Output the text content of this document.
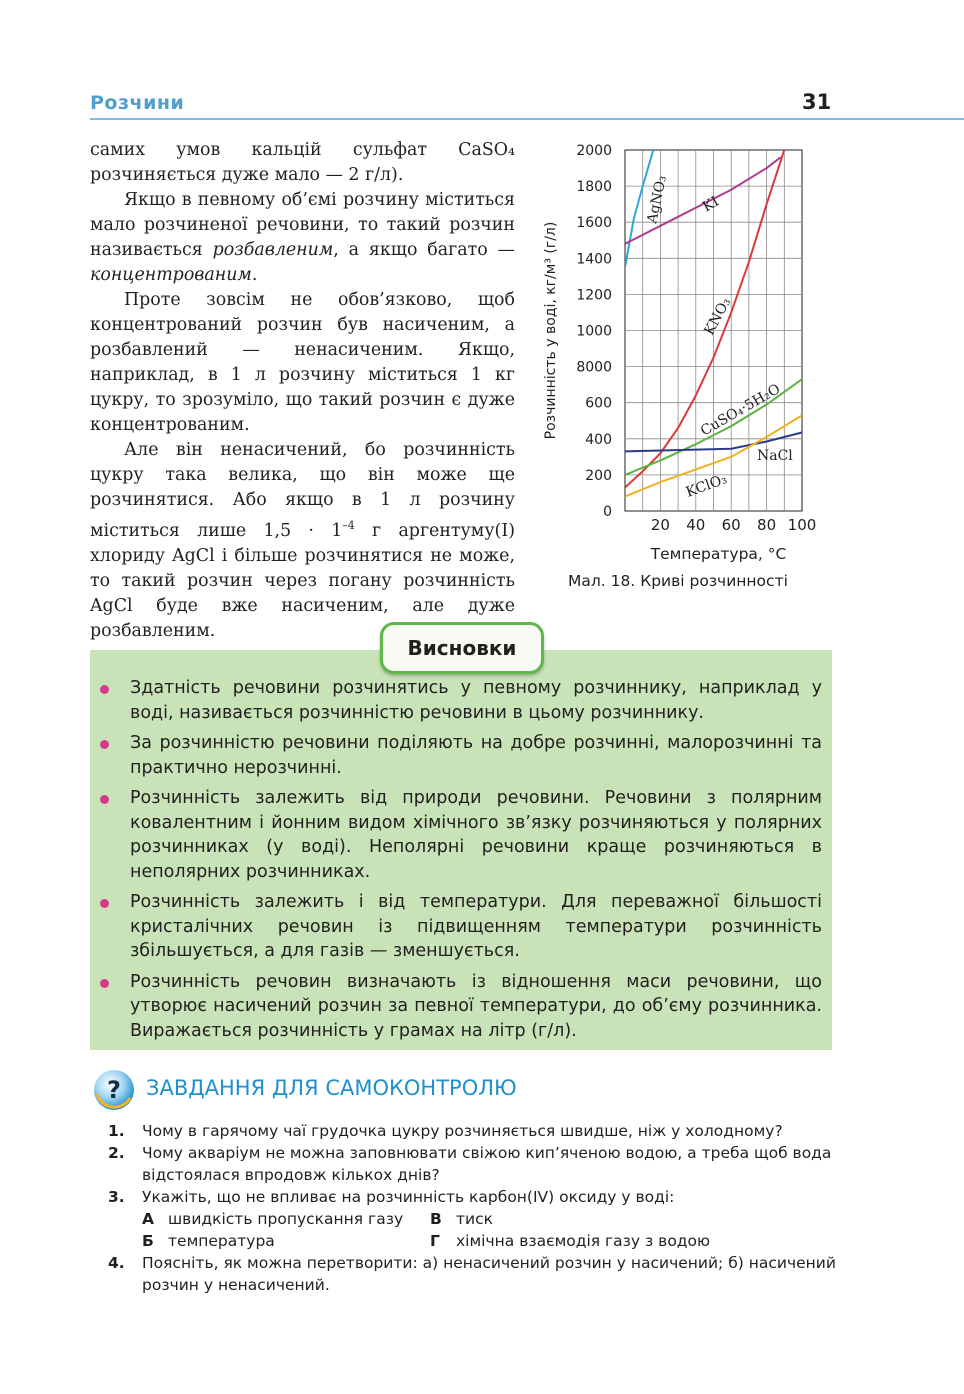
Розчини	31

самих умов кальцій сульфат CaSO₄ розчиняється дуже мало — 2 г/л).

Якщо в певному об’ємі розчину міститься мало розчиненої речовини, то такий розчин називається розбавленим, а якщо багато — концентрованим.

Проте зовсім не обов’язково, щоб концентрований розчин був насиченим, а розбавлений — ненасиченим. Якщо, наприклад, в 1 л розчину міститься 1 кг цукру, то зрозуміло, що такий розчин є дуже концентрованим.

Але він ненасичений, бо розчинність цукру така велика, що він може ще розчинятися. Або якщо в 1 л розчину міститься лише $1,5 \cdot 1^{-4}$ г аргентуму(I) хлориду AgCl і більше розчинятися не може, то такий розчин через погану розчинність AgCl буде вже насиченим, але дуже розбавленим.

0
200
400
600
8000
1000
1200
1400
1600
1800
2000
20 40 60 80 100
Розчинність у воді, кг/м³ (г/л)
Температура, °C
AgNO₃ KI
KNO₃
CuSO₄·5H₂O
NaCl
KClO₃
Мал. 18. Криві розчинності
Висновки
Здатність речовини розчинятись у певному розчиннику, наприклад у воді, називається розчинністю речовини в цьому розчиннику.
За розчинністю речовини поділяють на добре розчинні, малорозчинні та практично нерозчинні.
Розчинність залежить від природи речовини. Речовини з полярним ковалентним і йонним видом хімічного зв’язку розчиняються у полярних розчинниках (у воді). Неполярні речовини краще розчиняються в неполярних розчинниках.
Розчинність залежить і від температури. Для переважної більшості кристалічних речовин із підвищенням температури розчинність збільшується, а для газів — зменшується.
Розчинність речовин визначають із відношення маси речовини, що утворює насичений розчин за певної температури, до об’єму розчинника. Виражається розчинність у грамах на літр (г/л).
? ЗАВДАННЯ ДЛЯ САМОКОНТРОЛЮ
1. Чому в гарячому чаї грудочка цукру розчиняється швидше, ніж у холодному?
2. Чому акваріум не можна заповнювати свіжою кип’яченою водою, а треба щоб вода відстоялася впродовж кількох днів?
3. Укажіть, що не впливає на розчинність карбон(IV) оксиду у воді:
А швидкість пропускання газу	В тиск
Б температура	Г хімічна взаємодія газу з водою
4. Поясніть, як можна перетворити: а) ненасичений розчин у насичений; б) насичений розчин у ненасичений.
